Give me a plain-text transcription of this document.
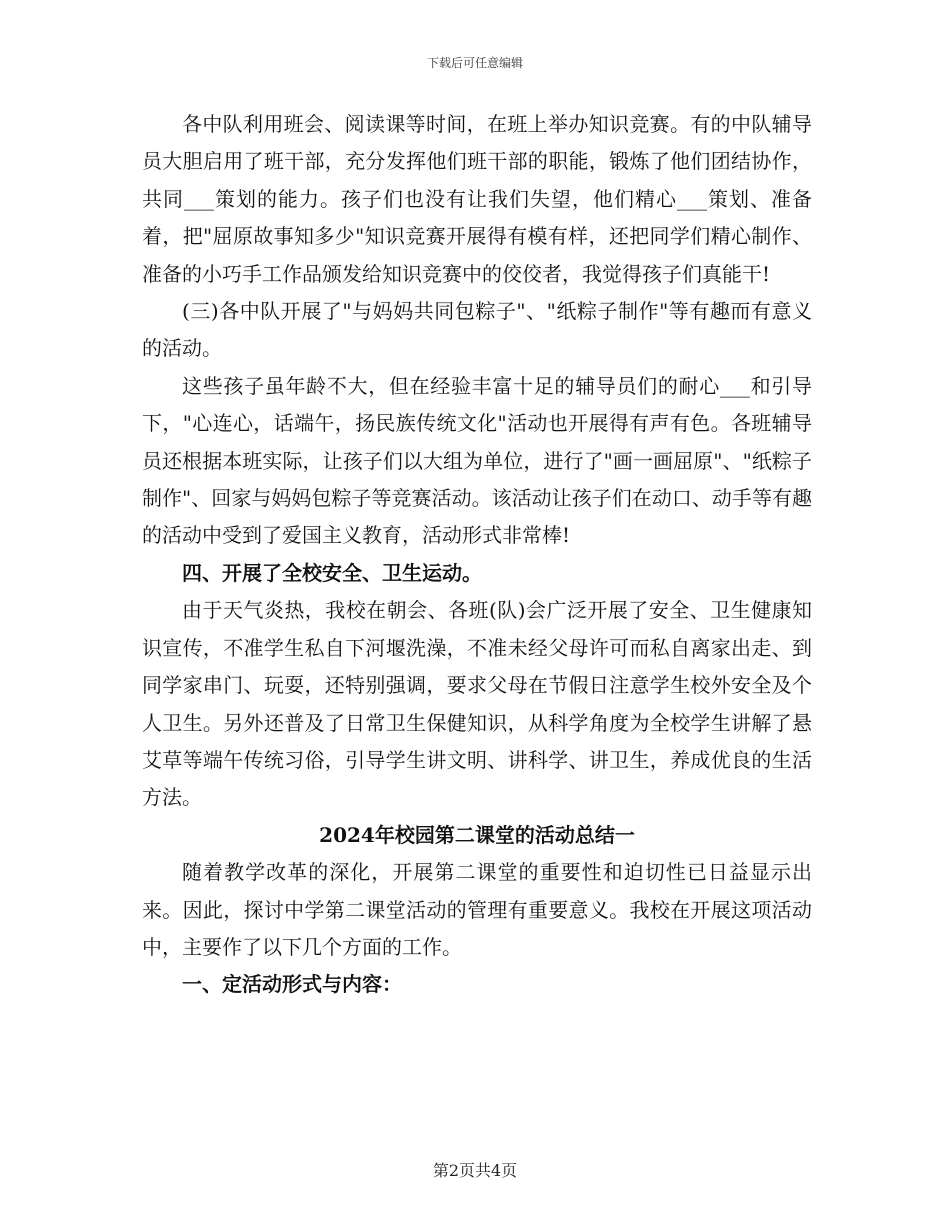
下载后可任意编辑

各中队利用班会、阅读课等时间，在班上举办知识竞赛。有的中队辅导员大胆启用了班干部，充分发挥他们班干部的职能，锻炼了他们团结协作，共同___策划的能力。孩子们也没有让我们失望，他们精心___策划、准备着，把"屈原故事知多少"知识竞赛开展得有模有样，还把同学们精心制作、准备的小巧手工作品颁发给知识竞赛中的佼佼者，我觉得孩子们真能干!

(三)各中队开展了"与妈妈共同包粽子"、"纸粽子制作"等有趣而有意义的活动。

这些孩子虽年龄不大，但在经验丰富十足的辅导员们的耐心___和引导下，"心连心，话端午，扬民族传统文化"活动也开展得有声有色。各班辅导员还根据本班实际，让孩子们以大组为单位，进行了"画一画屈原"、"纸粽子制作"、回家与妈妈包粽子等竞赛活动。该活动让孩子们在动口、动手等有趣的活动中受到了爱国主义教育，活动形式非常棒!

四、开展了全校安全、卫生运动。

由于天气炎热，我校在朝会、各班(队)会广泛开展了安全、卫生健康知识宣传，不准学生私自下河堰洗澡，不准未经父母许可而私自离家出走、到同学家串门、玩耍，还特别强调，要求父母在节假日注意学生校外安全及个人卫生。另外还普及了日常卫生保健知识，从科学角度为全校学生讲解了悬艾草等端午传统习俗，引导学生讲文明、讲科学、讲卫生，养成优良的生活方法。

2024年校园第二课堂的活动总结一

随着教学改革的深化，开展第二课堂的重要性和迫切性已日益显示出来。因此，探讨中学第二课堂活动的管理有重要意义。我校在开展这项活动中，主要作了以下几个方面的工作。

一、定活动形式与内容：

第2页共4页
